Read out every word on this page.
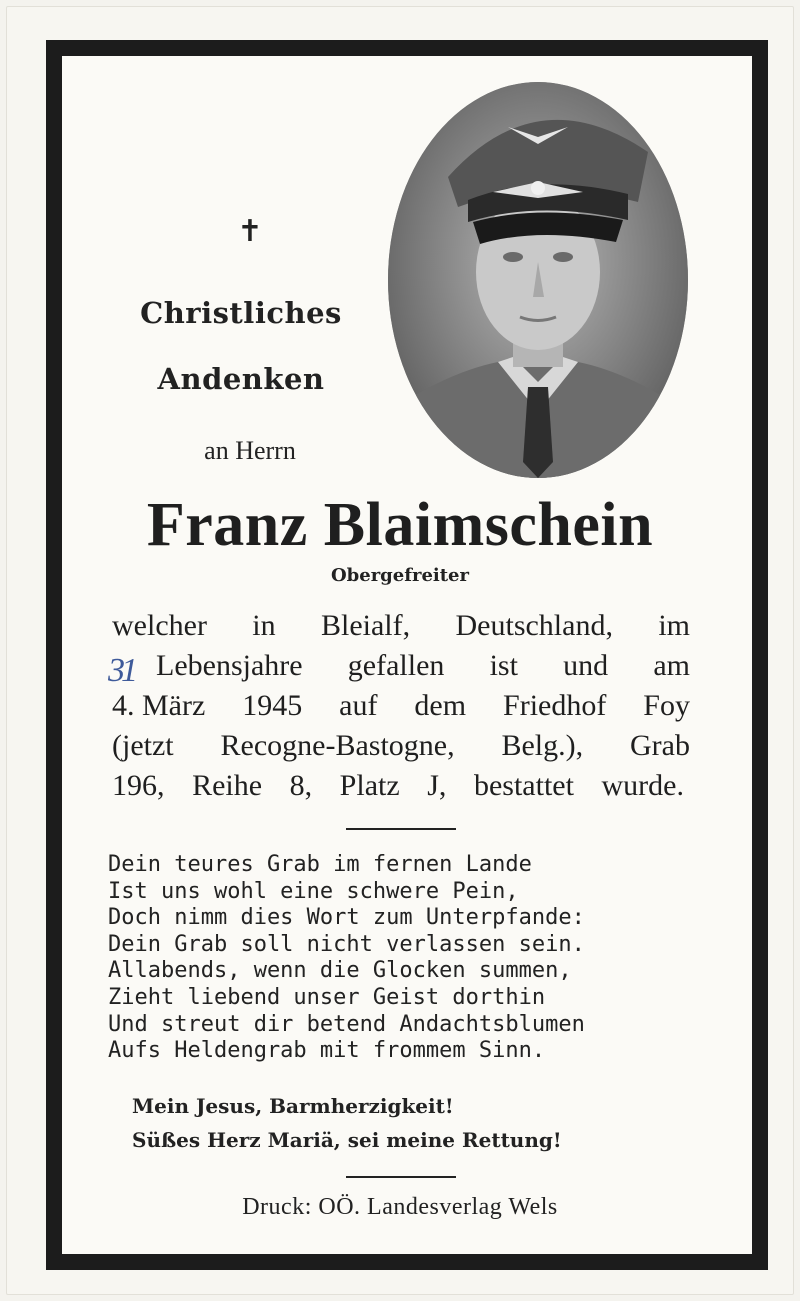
✝
Christliches
Andenken
an Herrn
Franz Blaimschein
Obergefreiter
welcher in Bleialf, Deutschland, im
Lebensjahre gefallen ist und am
4. März 1945 auf dem Friedhof Foy
(jetzt Recogne-Bastogne, Belg.), Grab
196, Reihe 8, Platz J, bestattet wurde.
31
Dein teures Grab im fernen Lande
Ist uns wohl eine schwere Pein,
Doch nimm dies Wort zum Unterpfande:
Dein Grab soll nicht verlassen sein.
Allabends, wenn die Glocken summen,
Zieht liebend unser Geist dorthin
Und streut dir betend Andachtsblumen
Aufs Heldengrab mit frommem Sinn.
Mein Jesus, Barmherzigkeit!
Süßes Herz Mariä, sei meine Rettung!
Druck: OÖ. Landesverlag Wels
